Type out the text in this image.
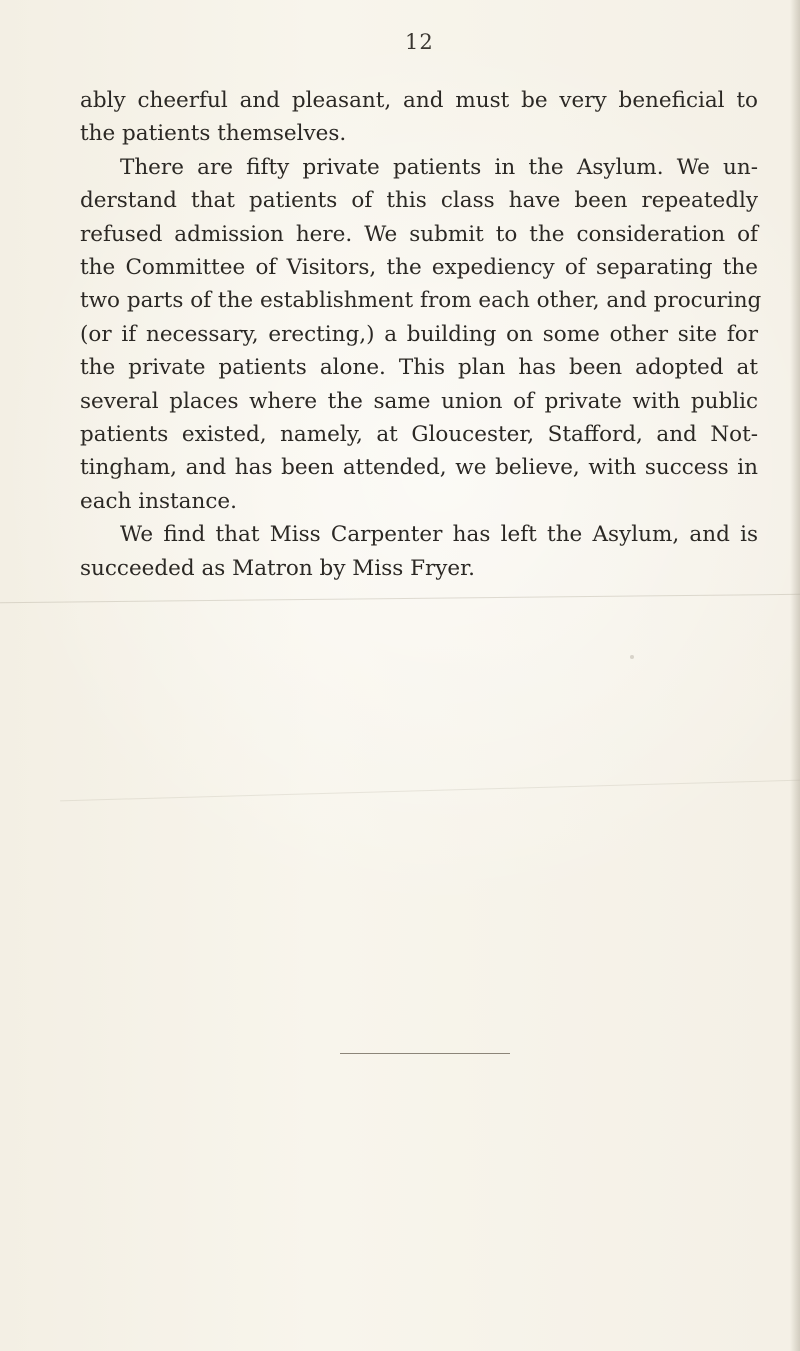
12
ably cheerful and pleasant, and must be very beneficial to
the patients themselves.
There are fifty private patients in the Asylum. We un-
derstand that patients of this class have been repeatedly
refused admission here. We submit to the consideration of
the Committee of Visitors, the expediency of separating the
two parts of the establishment from each other, and procuring
(or if necessary, erecting,) a building on some other site for
the private patients alone. This plan has been adopted at
several places where the same union of private with public
patients existed, namely, at Gloucester, Stafford, and Not-
tingham, and has been attended, we believe, with success in
each instance.
We find that Miss Carpenter has left the Asylum, and is
succeeded as Matron by Miss Fryer.
